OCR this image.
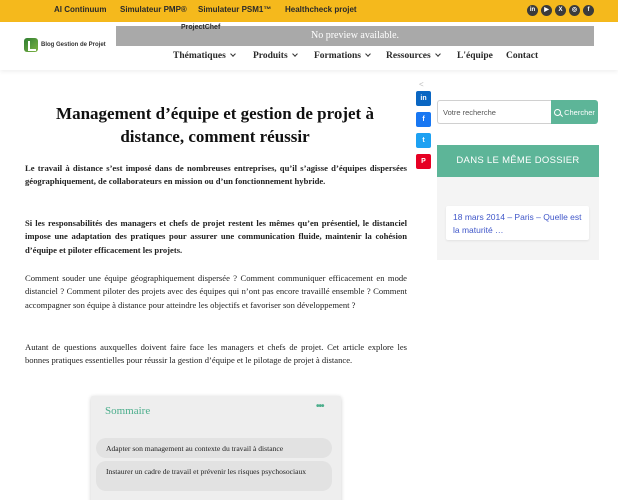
AI Continuum Simulateur PMP® Simulateur PSM1™ Healthcheck projet	in	▶	X	◎	f
Blog Gestion de Projet
No preview available.
ProjectChef
Thématiques	Produits	Formations	Ressources	L'équipe Contact
Management d’équipe et gestion de projet à distance, comment réussir

Le travail à distance s’est imposé dans de nombreuses entreprises, qu’il s’agisse d’équipes dispersées géographiquement, de collaborateurs en mission ou d’un fonctionnement hybride.

Si les responsabilités des managers et chefs de projet restent les mêmes qu’en présentiel, le distanciel impose une adaptation des pratiques pour assurer une communication fluide, maintenir la cohésion d’équipe et piloter efficacement les projets.

Comment souder une équipe géographiquement dispersée ? Comment communiquer efficacement en mode distanciel ? Comment piloter des projets avec des équipes qui n’ont pas encore travaillé ensemble ? Comment accompagner son équipe à distance pour atteindre les objectifs et favoriser son développement ?

Autant de questions auxquelles doivent faire face les managers et chefs de projet. Cet article explore les bonnes pratiques essentielles pour réussir la gestion d’équipe et le pilotage de projet à distance.

<
in
f
t
P
Votre recherche
Chercher
DANS LE MÊME DOSSIER
18 mars 2014 – Paris – Quelle est la maturité …
Sommaire	•••
Adapter son management au contexte du travail à distance
Instaurer un cadre de travail et prévenir les risques psychosociaux
